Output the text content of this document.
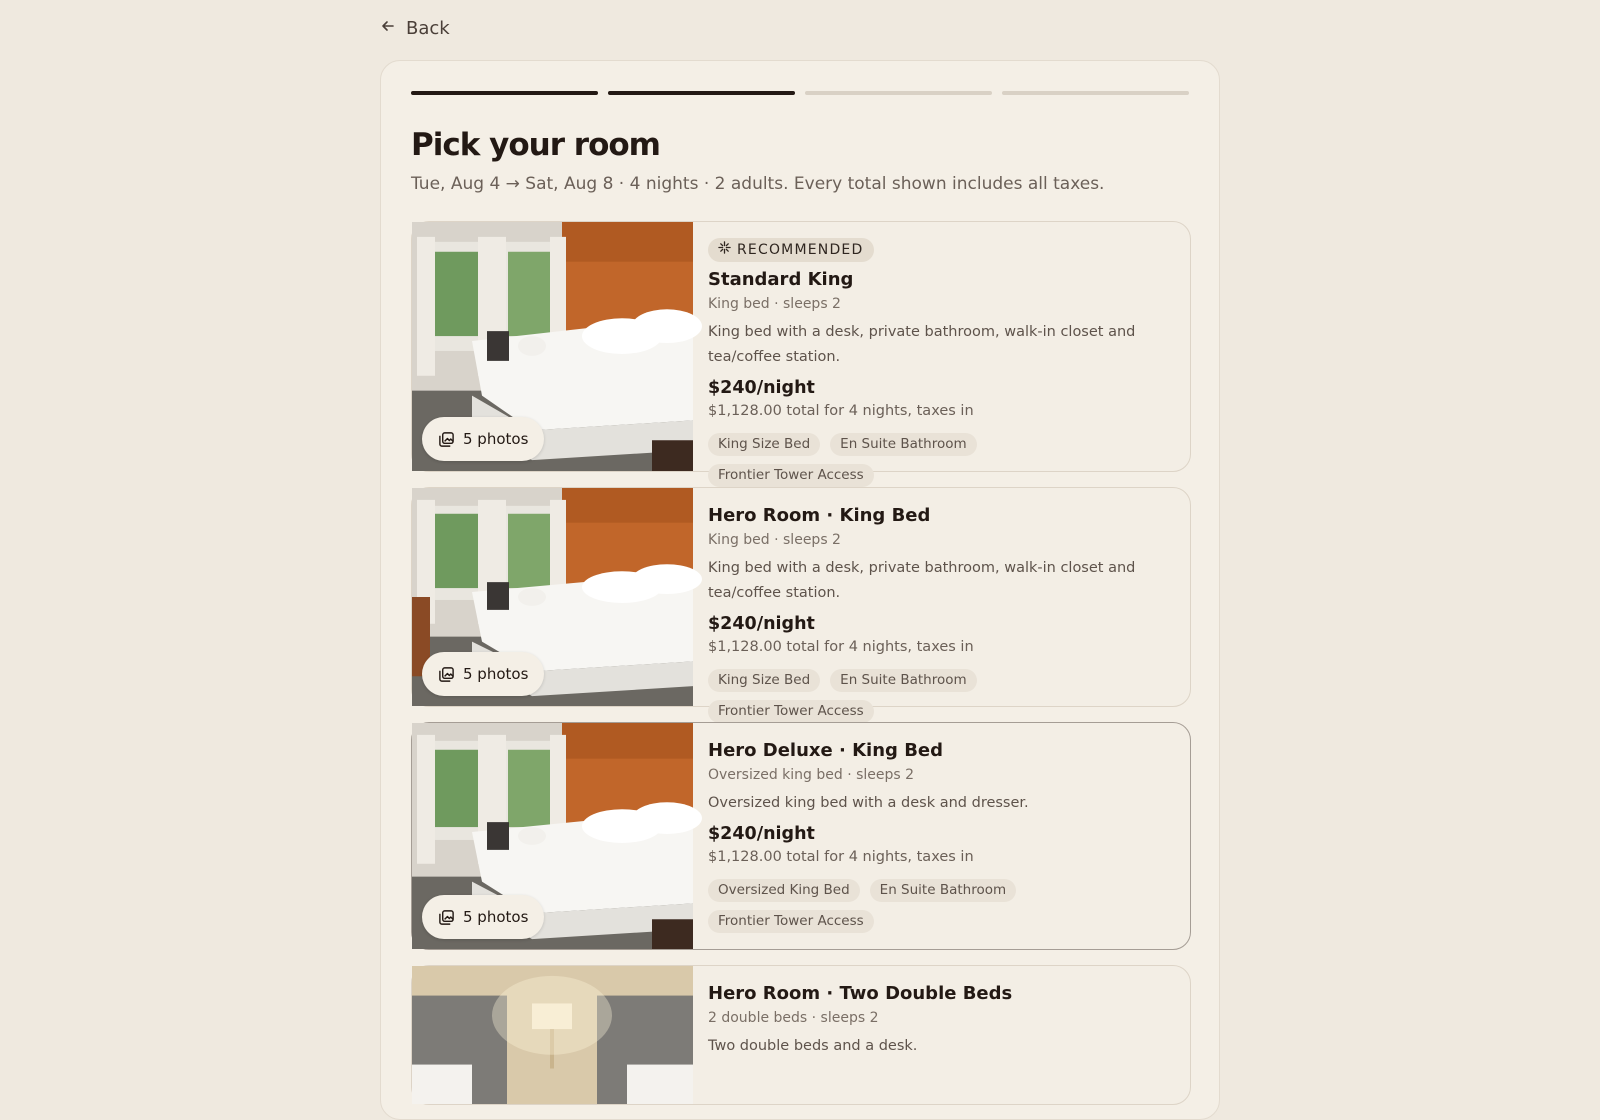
Back
Pick your room
Tue, Aug 4 → Sat, Aug 8 · 4 nights · 2 adults. Every total shown includes all taxes.
5 photos
RECOMMENDED
Standard King
King bed · sleeps 2
King bed with a desk, private bathroom, walk-in closet and tea/coffee station.
$240/night
$1,128.00 total for 4 nights, taxes in
King Size Bed	En Suite Bathroom
Frontier Tower Access
5 photos
Hero Room · King Bed
King bed · sleeps 2
King bed with a desk, private bathroom, walk-in closet and tea/coffee station.
$240/night
$1,128.00 total for 4 nights, taxes in
King Size Bed	En Suite Bathroom
Frontier Tower Access
5 photos
Hero Deluxe · King Bed
Oversized king bed · sleeps 2
Oversized king bed with a desk and dresser.
$240/night
$1,128.00 total for 4 nights, taxes in
Oversized King Bed	En Suite Bathroom
Frontier Tower Access
Hero Room · Two Double Beds
2 double beds · sleeps 2
Two double beds and a desk.
